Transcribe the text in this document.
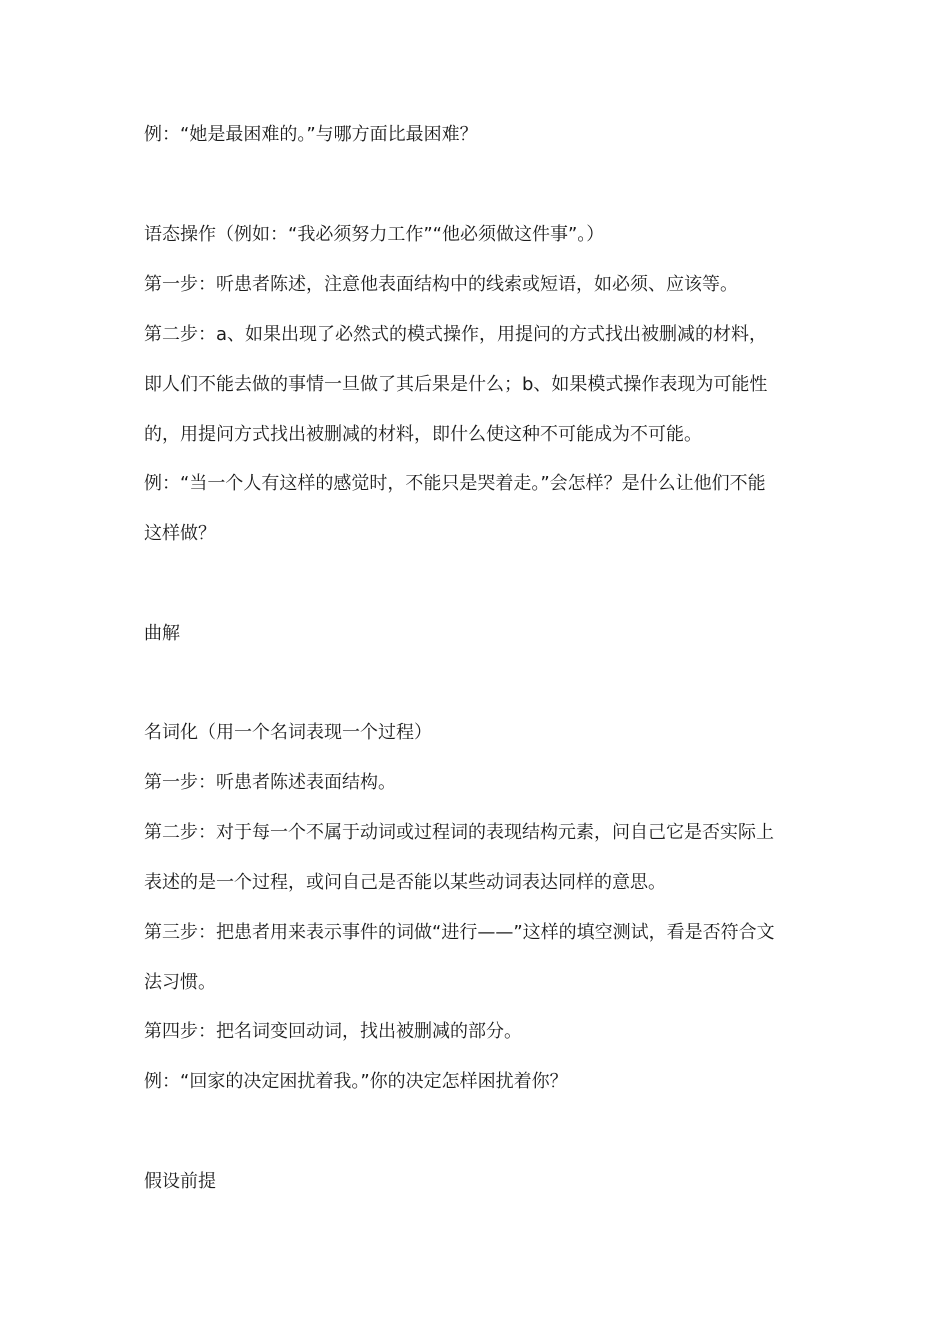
例：“她是最困难的。”与哪方面比最困难？
语态操作（例如：“我必须努力工作”“他必须做这件事”。）
第一步：听患者陈述，注意他表面结构中的线索或短语，如必须、应该等。
第二步：a、如果出现了必然式的模式操作，用提问的方式找出被删减的材料，
即人们不能去做的事情一旦做了其后果是什么；b、如果模式操作表现为可能性
的，用提问方式找出被删减的材料，即什么使这种不可能成为不可能。
例：“当一个人有这样的感觉时，不能只是哭着走。”会怎样？是什么让他们不能
这样做？
曲解
名词化（用一个名词表现一个过程）
第一步：听患者陈述表面结构。
第二步：对于每一个不属于动词或过程词的表现结构元素，问自己它是否实际上
表述的是一个过程，或问自己是否能以某些动词表达同样的意思。
第三步：把患者用来表示事件的词做“进行——”这样的填空测试，看是否符合文
法习惯。
第四步：把名词变回动词，找出被删减的部分。
例：“回家的决定困扰着我。”你的决定怎样困扰着你？
假设前提
